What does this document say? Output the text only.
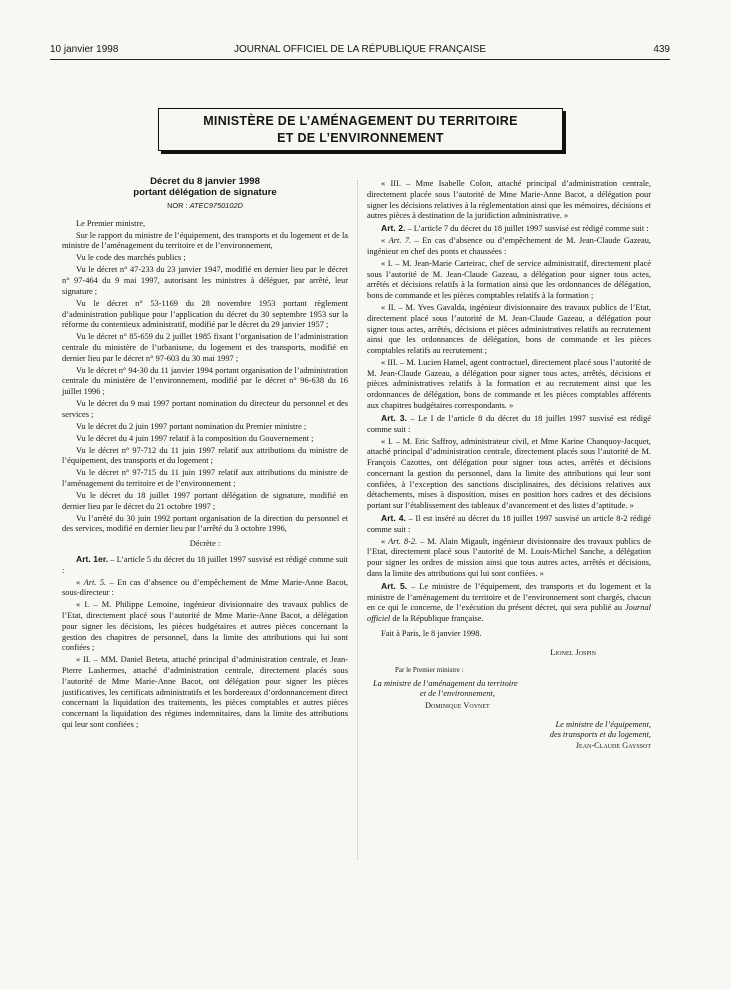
10 janvier 1998	JOURNAL OFFICIEL DE LA RÉPUBLIQUE FRANÇAISE	439
MINISTÈRE DE L’AMÉNAGEMENT DU TERRITOIRE
ET DE L’ENVIRONNEMENT
Décret du 8 janvier 1998
portant délégation de signature
NOR : ATEC9750102D

Le Premier ministre,

Sur le rapport du ministre de l’équipement, des transports et du logement et de la ministre de l’aménagement du territoire et de l’environnement,

Vu le code des marchés publics ;

Vu le décret n° 47-233 du 23 janvier 1947, modifié en dernier lieu par le décret n° 97-464 du 9 mai 1997, autorisant les ministres à déléguer, par arrêté, leur signature ;

Vu le décret n° 53-1169 du 28 novembre 1953 portant règlement d’administration publique pour l’application du décret du 30 septembre 1953 sur la réforme du contentieux administratif, modifié par le décret du 29 janvier 1957 ;

Vu le décret n° 85-659 du 2 juillet 1985 fixant l’organisation de l’administration centrale du ministère de l’urbanisme, du logement et des transports, modifié en dernier lieu par le décret n° 97-603 du 30 mai 1997 ;

Vu le décret n° 94-30 du 11 janvier 1994 portant organisation de l’administration centrale du ministère de l’environnement, modifié par le décret n° 96-638 du 16 juillet 1996 ;

Vu le décret du 9 mai 1997 portant nomination du directeur du personnel et des services ;

Vu le décret du 2 juin 1997 portant nomination du Premier ministre ;

Vu le décret du 4 juin 1997 relatif à la composition du Gouvernement ;

Vu le décret n° 97-712 du 11 juin 1997 relatif aux attributions du ministre de l’équipement, des transports et du logement ;

Vu le décret n° 97-715 du 11 juin 1997 relatif aux attributions du ministre de l’aménagement du territoire et de l’environnement ;

Vu le décret du 18 juillet 1997 portant délégation de signature, modifié en dernier lieu par le décret du 21 octobre 1997 ;

Vu l’arrêté du 30 juin 1992 portant organisation de la direction du personnel et des services, modifié en dernier lieu par l’arrêté du 3 octobre 1996,

Décrète :

Art. 1er. – L’article 5 du décret du 18 juillet 1997 susvisé est rédigé comme suit :

« Art. 5. – En cas d’absence ou d’empêchement de Mme Marie-Anne Bacot, sous-directeur :

« I. – M. Philippe Lemoine, ingénieur divisionnaire des travaux publics de l’Etat, directement placé sous l’autorité de Mme Marie-Anne Bacot, a délégation pour signer les décisions, les pièces budgétaires et autres pièces concernant la gestion des chapitres de personnel, dans la limite des attributions qui lui sont confiées ;

« II. – MM. Daniel Beteta, attaché principal d’administration centrale, et Jean-Pierre Lashermes, attaché d’administration centrale, directement placés sous l’autorité de Mme Marie-Anne Bacot, ont délégation pour signer les pièces justificatives, les certificats administratifs et les bordereaux d’ordonnancement direct concernant la liquidation des traitements, les pièces comptables et autres pièces concernant la liquidation des régimes indemnitaires, dans la limite des attributions qui leur sont confiées ;

« III. – Mme Isabelle Colon, attaché principal d’administration centrale, directement placée sous l’autorité de Mme Marie-Anne Bacot, a délégation pour signer les décisions relatives à la réglementation ainsi que les mémoires, décisions et autres pièces à destination de la juridiction administrative. »

Art. 2. – L’article 7 du décret du 18 juillet 1997 susvisé est rédigé comme suit :

« Art. 7. – En cas d’absence ou d’empêchement de M. Jean-Claude Gazeau, ingénieur en chef des ponts et chaussées :

« I. – M. Jean-Marie Carteirac, chef de service administratif, directement placé sous l’autorité de M. Jean-Claude Gazeau, a délégation pour signer tous actes, arrêtés et décisions relatifs à la formation ainsi que les ordonnances de délégation, bons de commande et les pièces comptables relatifs à la formation ;

« II. – M. Yves Gavalda, ingénieur divisionnaire des travaux publics de l’Etat, directement placé sous l’autorité de M. Jean-Claude Gazeau, a délégation pour signer tous actes, arrêtés, décisions et pièces administratives relatifs au recrutement ainsi que les ordonnances de délégation, bons de commande et les pièces comptables relatifs au recrutement ;

« III. – M. Lucien Hamel, agent contractuel, directement placé sous l’autorité de M. Jean-Claude Gazeau, a délégation pour signer tous actes, arrêtés, décisions et pièces administratives relatifs à la formation et au recrutement ainsi que les ordonnances de délégation, bons de commande et les pièces comptables afférents aux chapitres budgétaires correspondants. »

Art. 3. – Le I de l’article 8 du décret du 18 juillet 1997 susvisé est rédigé comme suit :

« I. – M. Eric Saffroy, administrateur civil, et Mme Karine Chanquoy-Jacquet, attaché principal d’administration centrale, directement placés sous l’autorité de M. François Cazottes, ont délégation pour signer tous actes, arrêtés et décisions concernant la gestion du personnel, dans la limite des attributions qui leur sont confiées, à l’exception des sanctions disciplinaires, des décisions relatives aux détachements, mises à disposition, mises en position hors cadres et des décisions portant sur l’établissement des tableaux d’avancement et des listes d’aptitude. »

Art. 4. – Il est inséré au décret du 18 juillet 1997 susvisé un article 8-2 rédigé comme suit :

« Art. 8-2. – M. Alain Migault, ingénieur divisionnaire des travaux publics de l’Etat, directement placé sous l’autorité de M. Louis-Michel Sanche, a délégation pour signer les ordres de mission ainsi que tous autres actes, arrêtés et décisions, dans la limite des attributions qui lui sont confiées. »

Art. 5. – Le ministre de l’équipement, des transports et du logement et la ministre de l’aménagement du territoire et de l’environnement sont chargés, chacun en ce qui le concerne, de l’exécution du présent décret, qui sera publié au Journal officiel de la République française.

Fait à Paris, le 8 janvier 1998.
Lionel Jospin
Par le Premier ministre :
La ministre de l’aménagement du territoire
et de l’environnement,
Dominique Voynet
Le ministre de l’équipement,
des transports et du logement,
Jean-Claude Gayssot
